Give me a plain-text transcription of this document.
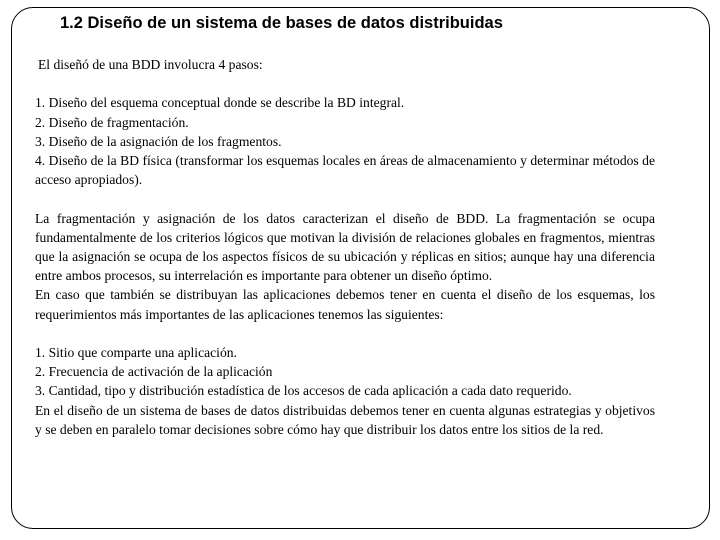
1.2 Diseño de un sistema de bases de datos distribuidas

El diseñó de una BDD involucra 4 pasos:

1. Diseño del esquema conceptual donde se describe la BD integral.

2. Diseño de fragmentación.

3. Diseño de la asignación de los fragmentos.

4. Diseño de la BD física (transformar los esquemas locales en áreas de almacenamiento y determinar métodos de acceso apropiados).

La fragmentación y asignación de los datos caracterizan el diseño de BDD. La fragmentación se ocupa fundamentalmente de los criterios lógicos que motivan la división de relaciones globales en fragmentos, mientras que la asignación se ocupa de los aspectos físicos de su ubicación y réplicas en sitios; aunque hay una diferencia entre ambos procesos, su interrelación es importante para obtener un diseño óptimo.

En caso que también se distribuyan las aplicaciones debemos tener en cuenta el diseño de los esquemas, los requerimientos más importantes de las aplicaciones tenemos las siguientes:

1. Sitio que comparte una aplicación.

2. Frecuencia de activación de la aplicación

3. Cantidad, tipo y distribución estadística de los accesos de cada aplicación a cada dato requerido.

En el diseño de un sistema de bases de datos distribuidas debemos tener en cuenta algunas estrategias y objetivos y se deben en paralelo tomar decisiones sobre cómo hay que distribuir los datos entre los sitios de la red.
